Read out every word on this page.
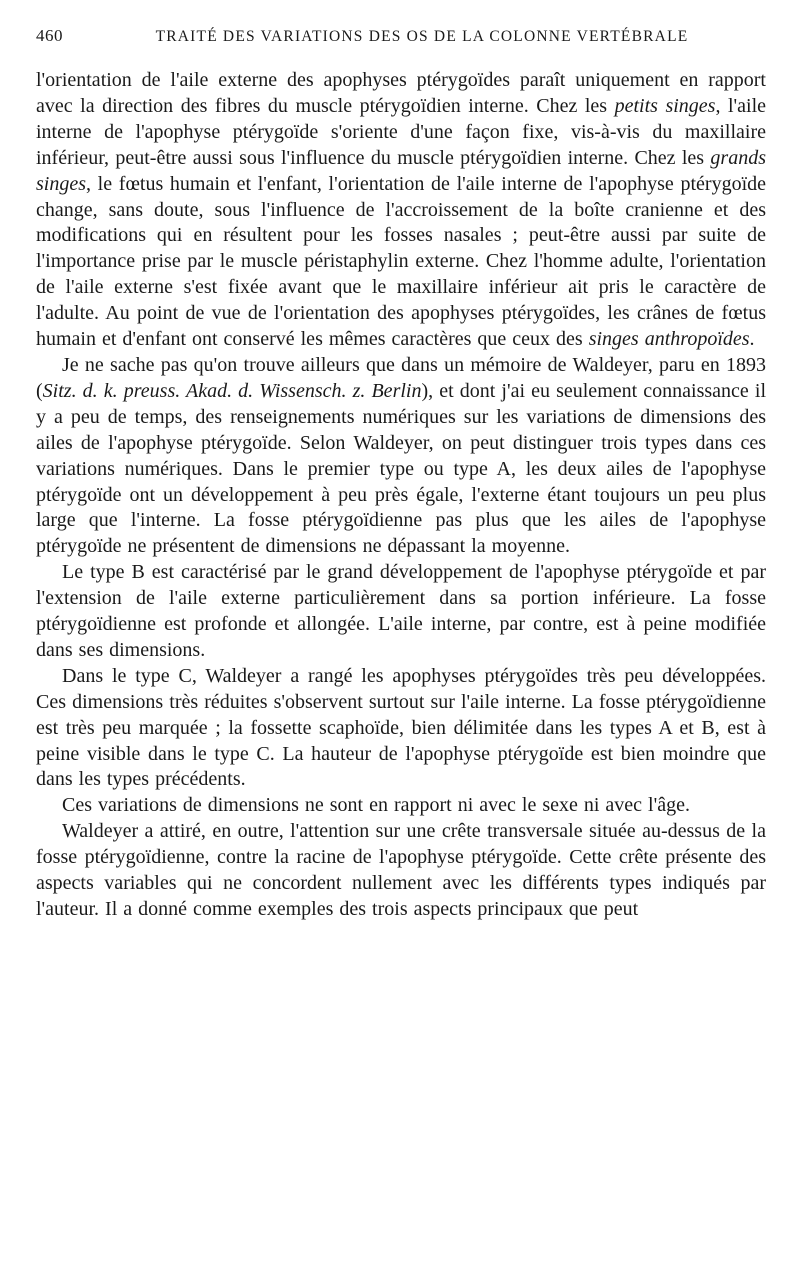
460	TRAITÉ DES VARIATIONS DES OS DE LA COLONNE VERTÉBRALE

l'orientation de l'aile externe des apophyses ptérygoïdes paraît uniquement en rapport avec la direction des fibres du muscle ptérygoïdien interne. Chez les petits singes, l'aile interne de l'apophyse ptérygoïde s'oriente d'une façon fixe, vis-à-vis du maxillaire inférieur, peut-être aussi sous l'influence du muscle ptérygoïdien interne. Chez les grands singes, le fœtus humain et l'enfant, l'orientation de l'aile interne de l'apophyse ptérygoïde change, sans doute, sous l'influence de l'accroissement de la boîte cranienne et des modifications qui en résultent pour les fosses nasales ; peut-être aussi par suite de l'importance prise par le muscle péristaphylin externe. Chez l'homme adulte, l'orientation de l'aile externe s'est fixée avant que le maxillaire inférieur ait pris le caractère de l'adulte. Au point de vue de l'orientation des apophyses ptérygoïdes, les crânes de fœtus humain et d'enfant ont conservé les mêmes caractères que ceux des singes anthropoïdes.

Je ne sache pas qu'on trouve ailleurs que dans un mémoire de Waldeyer, paru en 1893 (Sitz. d. k. preuss. Akad. d. Wissensch. z. Berlin), et dont j'ai eu seulement connaissance il y a peu de temps, des renseignements numériques sur les variations de dimensions des ailes de l'apophyse ptérygoïde. Selon Waldeyer, on peut distinguer trois types dans ces variations numériques. Dans le premier type ou type A, les deux ailes de l'apophyse ptérygoïde ont un développement à peu près égale, l'externe étant toujours un peu plus large que l'interne. La fosse ptérygoïdienne pas plus que les ailes de l'apophyse ptérygoïde ne présentent de dimensions ne dépassant la moyenne.

Le type B est caractérisé par le grand développement de l'apophyse ptérygoïde et par l'extension de l'aile externe particulièrement dans sa portion inférieure. La fosse ptérygoïdienne est profonde et allongée. L'aile interne, par contre, est à peine modifiée dans ses dimensions.

Dans le type C, Waldeyer a rangé les apophyses ptérygoïdes très peu développées. Ces dimensions très réduites s'observent surtout sur l'aile interne. La fosse ptérygoïdienne est très peu marquée ; la fossette scaphoïde, bien délimitée dans les types A et B, est à peine visible dans le type C. La hauteur de l'apophyse ptérygoïde est bien moindre que dans les types précédents.

Ces variations de dimensions ne sont en rapport ni avec le sexe ni avec l'âge.

Waldeyer a attiré, en outre, l'attention sur une crête transversale située au-dessus de la fosse ptérygoïdienne, contre la racine de l'apophyse ptérygoïde. Cette crête présente des aspects variables qui ne concordent nullement avec les différents types indiqués par l'auteur. Il a donné comme exemples des trois aspects principaux que peut
